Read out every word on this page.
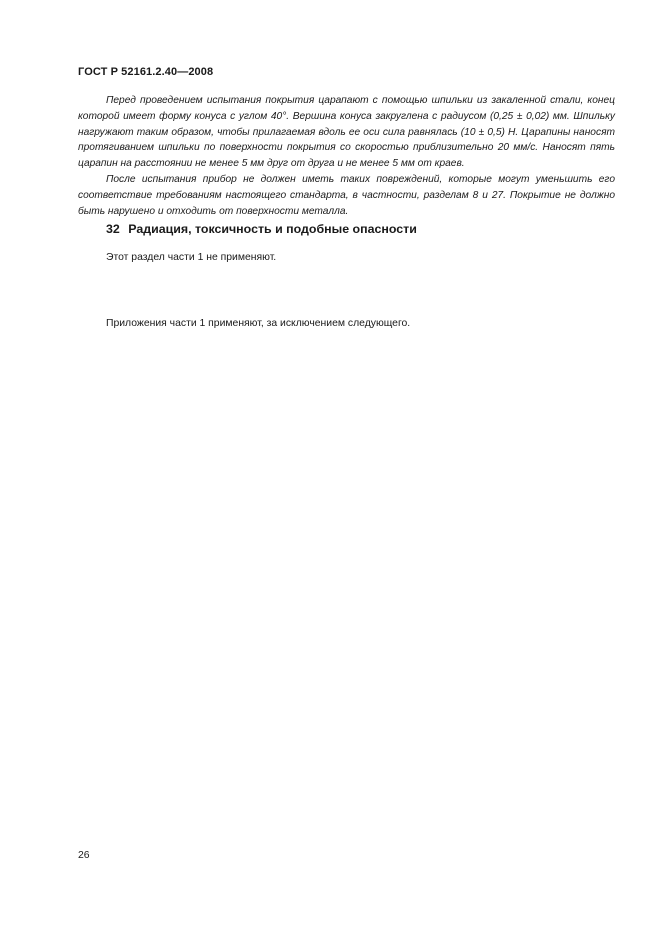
ГОСТ Р 52161.2.40—2008

Перед проведением испытания покрытия царапают с помощью шпильки из закаленной стали, конец которой имеет форму конуса с углом 40°. Вершина конуса закруглена с радиусом (0,25 ± 0,02) мм. Шпильку нагружают таким образом, чтобы прилагаемая вдоль ее оси сила равнялась (10 ± 0,5) Н. Царапины наносят протягиванием шпильки по поверхности покрытия со скоростью приблизительно 20 мм/с. Наносят пять царапин на расстоянии не менее 5 мм друг от друга и не менее 5 мм от краев.

После испытания прибор не должен иметь таких повреждений, которые могут уменьшить его соответствие требованиям настоящего стандарта, в частности, разделам 8 и 27. Покрытие не должно быть нарушено и отходить от поверхности металла.

32 Радиация, токсичность и подобные опасности
Этот раздел части 1 не применяют.
Приложения части 1 применяют, за исключением следующего.
26
